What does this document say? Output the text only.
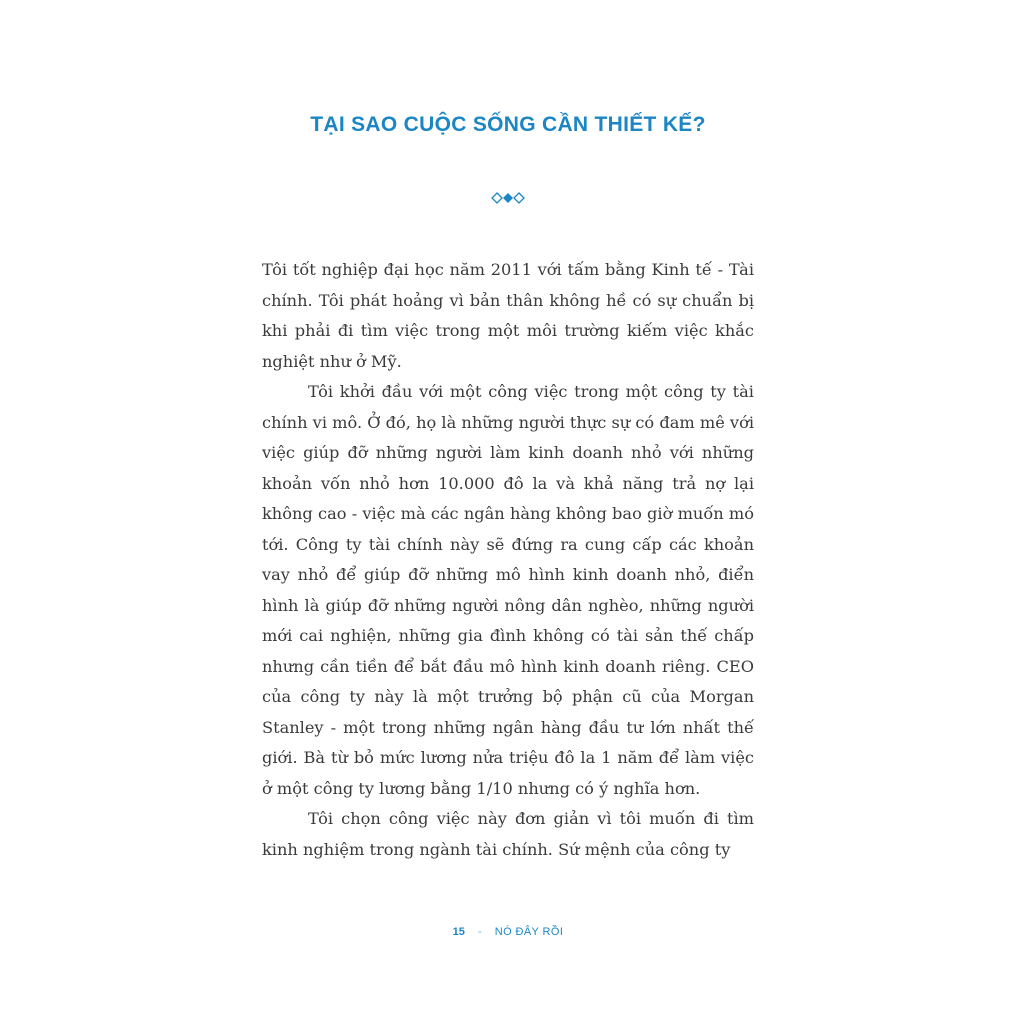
TẠI SAO CUỘC SỐNG CẦN THIẾT KẾ?

Tôi tốt nghiệp đại học năm 2011 với tấm bằng Kinh tế - Tài chính. Tôi phát hoảng vì bản thân không hề có sự chuẩn bị khi phải đi tìm việc trong một môi trường kiếm việc khắc nghiệt như ở Mỹ.

Tôi khởi đầu với một công việc trong một công ty tài chính vi mô. Ở đó, họ là những người thực sự có đam mê với việc giúp đỡ những người làm kinh doanh nhỏ với những khoản vốn nhỏ hơn 10.000 đô la và khả năng trả nợ lại không cao - việc mà các ngân hàng không bao giờ muốn mó tới. Công ty tài chính này sẽ đứng ra cung cấp các khoản vay nhỏ để giúp đỡ những mô hình kinh doanh nhỏ, điển hình là giúp đỡ những người nông dân nghèo, những người mới cai nghiện, những gia đình không có tài sản thế chấp nhưng cần tiền để bắt đầu mô hình kinh doanh riêng. CEO của công ty này là một trưởng bộ phận cũ của Morgan Stanley - một trong những ngân hàng đầu tư lớn nhất thế giới. Bà từ bỏ mức lương nửa triệu đô la 1 năm để làm việc ở một công ty lương bằng 1/10 nhưng có ý nghĩa hơn.

Tôi chọn công việc này đơn giản vì tôi muốn đi tìm kinh nghiệm trong ngành tài chính. Sứ mệnh của công ty

15 - NÓ ĐÂY RỒI
